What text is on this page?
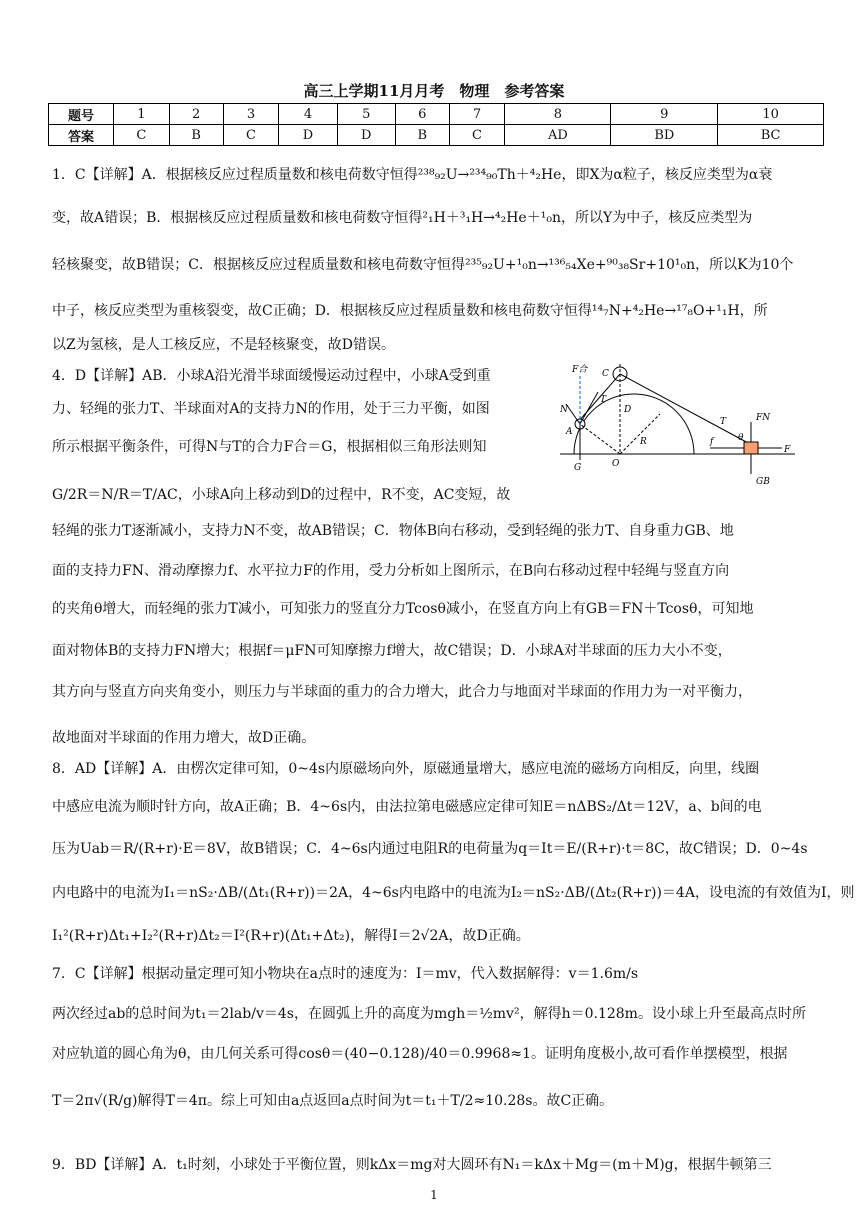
高三上学期11月月考　物理　参考答案
题号	1	2	3	4	5	6	7	8	9	10
答案	C	B	C	D	D	B	C	AD	BD	BC
1．C【详解】A．根据核反应过程质量数和核电荷数守恒得²³⁸₉₂U→²³⁴₉₀Th＋⁴₂He，即X为α粒子，核反应类型为α衰
变，故A错误；B．根据核反应过程质量数和核电荷数守恒得²₁H＋³₁H→⁴₂He＋¹₀n，所以Y为中子，核反应类型为
轻核聚变，故B错误；C．根据核反应过程质量数和核电荷数守恒得²³⁵₉₂U+¹₀n→¹³⁶₅₄Xe+⁹⁰₃₈Sr+10¹₀n，所以K为10个
中子，核反应类型为重核裂变，故C正确；D．根据核反应过程质量数和核电荷数守恒得¹⁴₇N+⁴₂He→¹⁷₈O+¹₁H，所
以Z为氢核，是人工核反应，不是轻核聚变，故D错误。
4．D【详解】AB．小球A沿光滑半球面缓慢运动过程中，小球A受到重
力、轻绳的张力T、半球面对A的支持力N的作用，处于三力平衡，如图
所示根据平衡条件，可得N与T的合力F合＝G，根据相似三角形法则知
G/2R＝N/R＝T/AC，小球A向上移动到D的过程中，R不变，AC变短，故
轻绳的张力T逐渐减小，支持力N不变，故AB错误；C．物体B向右移动，受到轻绳的张力T、自身重力GB、地
面的支持力FN、滑动摩擦力f、水平拉力F的作用，受力分析如上图所示，在B向右移动过程中轻绳与竖直方向
的夹角θ增大，而轻绳的张力T减小，可知张力的竖直分力Tcosθ减小，在竖直方向上有GB＝FN＋Tcosθ，可知地
面对物体B的支持力FN增大；根据f＝μFN可知摩擦力f增大，故C错误；D．小球A对半球面的压力大小不变，
其方向与竖直方向夹角变小，则压力与半球面的重力的合力增大，此合力与地面对半球面的作用力为一对平衡力，
故地面对半球面的作用力增大，故D正确。
8．AD【详解】A．由楞次定律可知，0~4s内原磁场向外，原磁通量增大，感应电流的磁场方向相反，向里，线圈
中感应电流为顺时针方向，故A正确；B．4~6s内，由法拉第电磁感应定律可知E＝nΔBS₂/Δt＝12V，a、b间的电
压为Uab＝R/(R+r)·E＝8V，故B错误；C．4~6s内通过电阻R的电荷量为q＝It＝E/(R+r)·t＝8C，故C错误；D．0~4s
内电路中的电流为I₁＝nS₂·ΔB/(Δt₁(R+r))＝2A，4~6s内电路中的电流为I₂＝nS₂·ΔB/(Δt₂(R+r))＝4A，设电流的有效值为I，则
I₁²(R+r)Δt₁+I₂²(R+r)Δt₂＝I²(R+r)(Δt₁+Δt₂)，解得I＝2√2A，故D正确。
7．C【详解】根据动量定理可知小物块在a点时的速度为：I＝mv，代入数据解得：v＝1.6m/s
两次经过ab的总时间为t₁＝2lab/v＝4s，在圆弧上升的高度为mgh＝½mv²，解得h＝0.128m。设小球上升至最高点时所
对应轨道的圆心角为θ，由几何关系可得cosθ＝(40−0.128)/40＝0.9968≈1。证明角度极小,故可看作单摆模型，根据
T＝2π√(R/g)解得T＝4π。综上可知由a点返回a点时间为t＝t₁＋T/2≈10.28s。故C正确。
9．BD【详解】A．t₁时刻，小球处于平衡位置，则kΔx＝mg对大圆环有N₁＝kΔx＋Mg＝(m＋M)g，根据牛顿第三
F合 C
N
T
D
A
R
G	O
T	FN
θ
F
f
GB
1
